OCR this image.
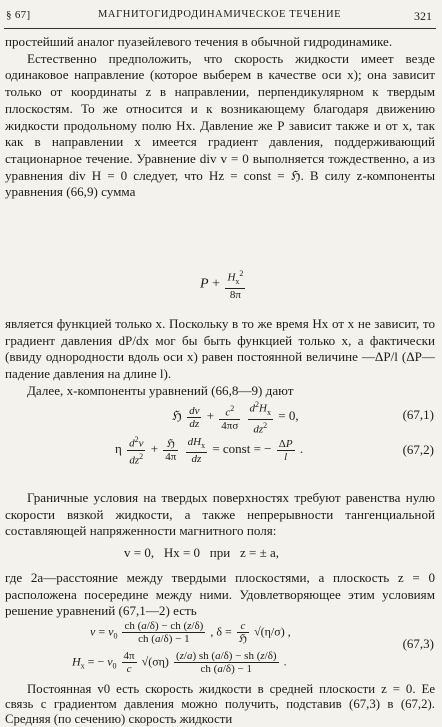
§ 67]	МАГНИТОГИДРОДИНАМИЧЕСКОЕ ТЕЧЕНИЕ	321

простейший аналог пуазейлевого течения в обычной гидродинамике.

Естественно предположить, что скорость жидкости имеет везде одинаковое направление (которое выберем в качестве оси x); она зависит только от координаты z в направлении, перпендикулярном к твердым плоскостям. То же относится и к возникающему благодаря движению жидкости продольному полю Hx. Давление же P зависит также и от x, так как в направлении x имеется градиент давления, поддерживающий стационарное течение. Уравнение div v = 0 выполняется тождественно, а из уравнения div H = 0 следует, что Hz = const = ℌ. В силу z-компоненты уравнения (66,9) сумма

$P + \frac{H_x^2}{8\pi}$

является функцией только x. Поскольку в то же время Hx от x не зависит, то градиент давления dP/dx мог бы быть функцией только x, а фактически (ввиду однородности вдоль оси x) равен постоянной величине —ΔP/l (ΔP—падение давления на длине l).

Далее, x-компоненты уравнений (66,8—9) дают

ℌ $\frac{dv}{dz} + \frac{c^2}{4\pi\sigma}$
$\frac{d^2H_x}{dz^2} = 0$,	(67,1)
η $\frac{d^2v}{dz^2} + \frac{\text{ℌ}}{4\pi}$
$\frac{dH_x}{dz}$ = const = − $\frac{\Delta P}{l}$ .	(67,2)

Граничные условия на твердых поверхностях требуют равенства нулю скорости вязкой жидкости, а также непрерывности тангенциальной составляющей напряженности магнитного поля:

v = 0,   Hx = 0   при   z = ± a,

где 2a—расстояние между твердыми плоскостями, а плоскость z = 0 расположена посередине между ними. Удовлетворяющее этим условиям решение уравнений (67,1—2) есть

$v = v_0 \frac{ch (a/\delta) - ch (z/\delta)}{ch (a/\delta) - 1}$ , $\delta = \frac{c}{\text{ℌ}} √(\eta/\sigma)$ ,
(67,3)
$H_x$ = − $v_0 \frac{4\pi}{c} √(\sigma\eta) \frac{(z/a) sh (a/\delta) - sh (z/\delta)}{ch (a/\delta) - 1}$ .

Постоянная v0 есть скорость жидкости в средней плоскости z = 0. Ее связь с градиентом давления можно получить, подставив (67,3) в (67,2). Средняя (по сечению) скорость жидкости
